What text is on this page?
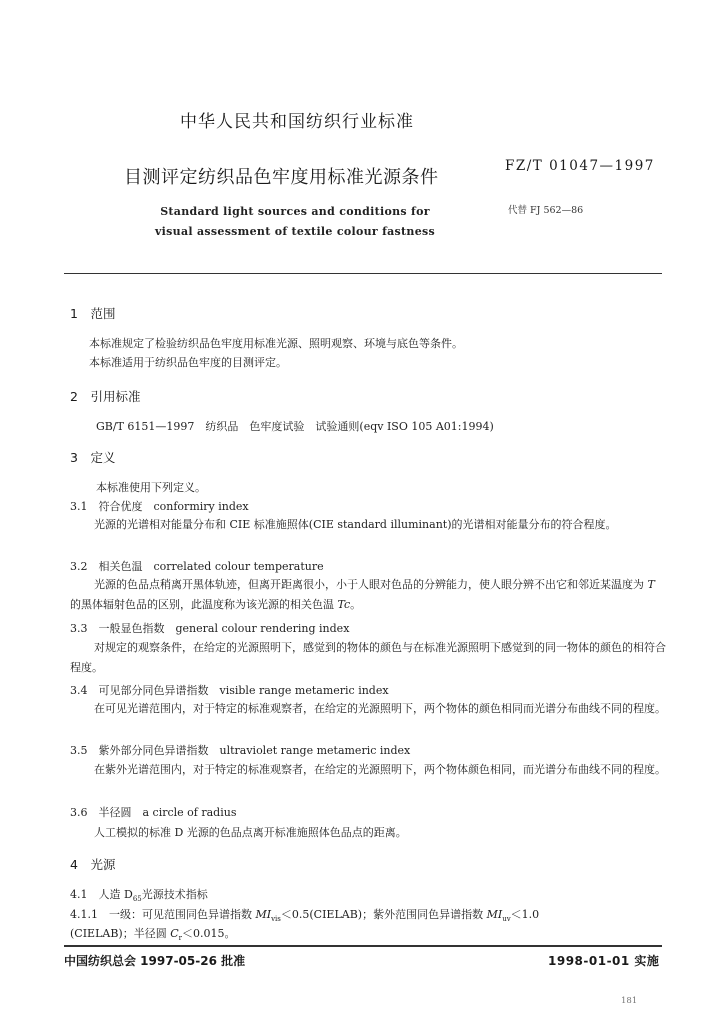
中华人民共和国纺织行业标准
目测评定纺织品色牢度用标准光源条件
FZ/T 01047—1997
代替 FJ 562—86
Standard light sources and conditions for
visual assessment of textile colour fastness
1　范围
本标准规定了检验纺织品色牢度用标准光源、照明观察、环境与底色等条件。
本标准适用于纺织品色牢度的目测评定。
2　引用标准
GB/T 6151—1997　纺织品　色牢度试验　试验通则(eqv ISO 105 A01:1994)
3　定义
本标准使用下列定义。
3.1　符合优度　conformiry index
光源的光谱相对能量分布和 CIE 标准施照体(CIE standard illuminant)的光谱相对能量分布的符合程度。
3.2　相关色温　correlated colour temperature
光源的色品点稍离开黑体轨迹，但离开距离很小，小于人眼对色品的分辨能力，使人眼分辨不出它和邻近某温度为 T 的黑体辐射色品的区别，此温度称为该光源的相关色温 Tc。
3.3　一般显色指数　general colour rendering index
对规定的观察条件，在给定的光源照明下，感觉到的物体的颜色与在标准光源照明下感觉到的同一物体的颜色的相符合程度。
3.4　可见部分同色异谱指数　visible range metameric index
在可见光谱范围内，对于特定的标准观察者，在给定的光源照明下，两个物体的颜色相同而光谱分布曲线不同的程度。
3.5　紫外部分同色异谱指数　ultraviolet range metameric index
在紫外光谱范围内，对于特定的标准观察者，在给定的光源照明下，两个物体颜色相同，而光谱分布曲线不同的程度。
3.6　半径圆　a circle of radius
人工模拟的标准 D 光源的色品点离开标准施照体色品点的距离。
4　光源
4.1　人造 $D_{65}$光源技术指标
4.1.1　一级：可见范围同色异谱指数 $MI_{vis}<0.5(CIELAB)$；紫外范围同色异谱指数 $MI_{uv}<1.0$
(CIELAB)；半径圆 $C_r<0.015$。
中国纺织总会 1997-05-26 批准	1998-01-01 实施
181
